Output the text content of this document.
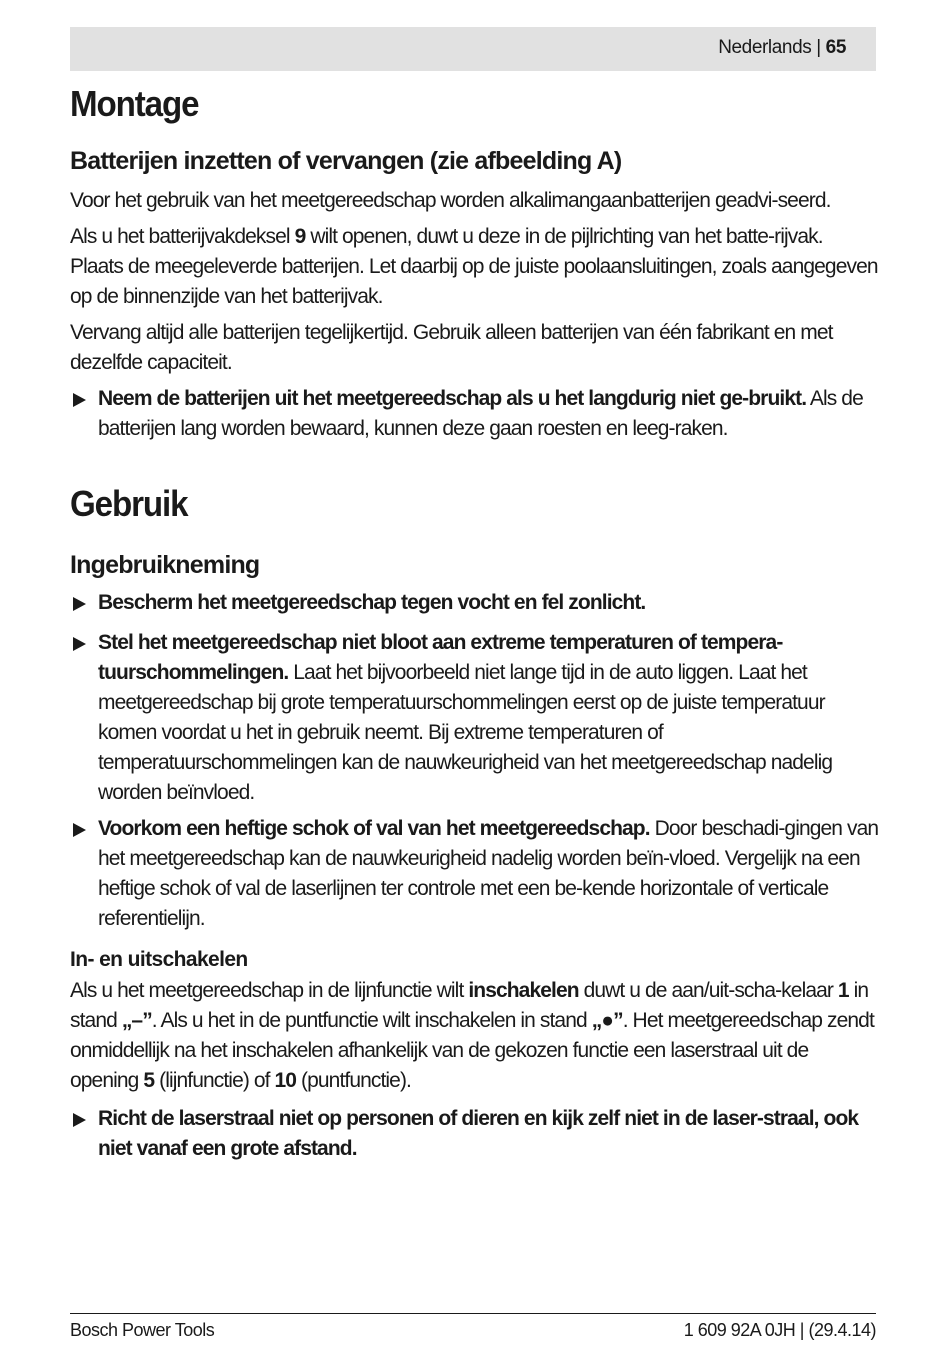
Nederlands | 65
Montage
Batterijen inzetten of vervangen (zie afbeelding A)

Voor het gebruik van het meetgereedschap worden alkalimangaanbatterijen geadvi-seerd.

Als u het batterijvakdeksel 9 wilt openen, duwt u deze in de pijlrichting van het batte-rijvak. Plaats de meegeleverde batterijen. Let daarbij op de juiste poolaansluitingen, zoals aangegeven op de binnenzijde van het batterijvak.

Vervang altijd alle batterijen tegelijkertijd. Gebruik alleen batterijen van één fabrikant en met dezelfde capaciteit.

Neem de batterijen uit het meetgereedschap als u het langdurig niet ge-bruikt. Als de batterijen lang worden bewaard, kunnen deze gaan roesten en leeg-raken.
Gebruik
Ingebruikneming
Bescherm het meetgereedschap tegen vocht en fel zonlicht.
Stel het meetgereedschap niet bloot aan extreme temperaturen of tempera-tuurschommelingen. Laat het bijvoorbeeld niet lange tijd in de auto liggen. Laat het meetgereedschap bij grote temperatuurschommelingen eerst op de juiste temperatuur komen voordat u het in gebruik neemt. Bij extreme temperaturen of temperatuurschommelingen kan de nauwkeurigheid van het meetgereedschap nadelig worden beïnvloed.
Voorkom een heftige schok of val van het meetgereedschap. Door beschadi-gingen van het meetgereedschap kan de nauwkeurigheid nadelig worden beïn-vloed. Vergelijk na een heftige schok of val de laserlijnen ter controle met een be-kende horizontale of verticale referentielijn.
In- en uitschakelen

Als u het meetgereedschap in de lijnfunctie wilt inschakelen duwt u de aan/uit-scha-kelaar 1 in stand „–”. Als u het in de puntfunctie wilt inschakelen in stand „●”. Het meetgereedschap zendt onmiddellijk na het inschakelen afhankelijk van de gekozen functie een laserstraal uit de opening 5 (lijnfunctie) of 10 (puntfunctie).

Richt de laserstraal niet op personen of dieren en kijk zelf niet in de laser-straal, ook niet vanaf een grote afstand.
Bosch Power Tools	1 609 92A 0JH | (29.4.14)
